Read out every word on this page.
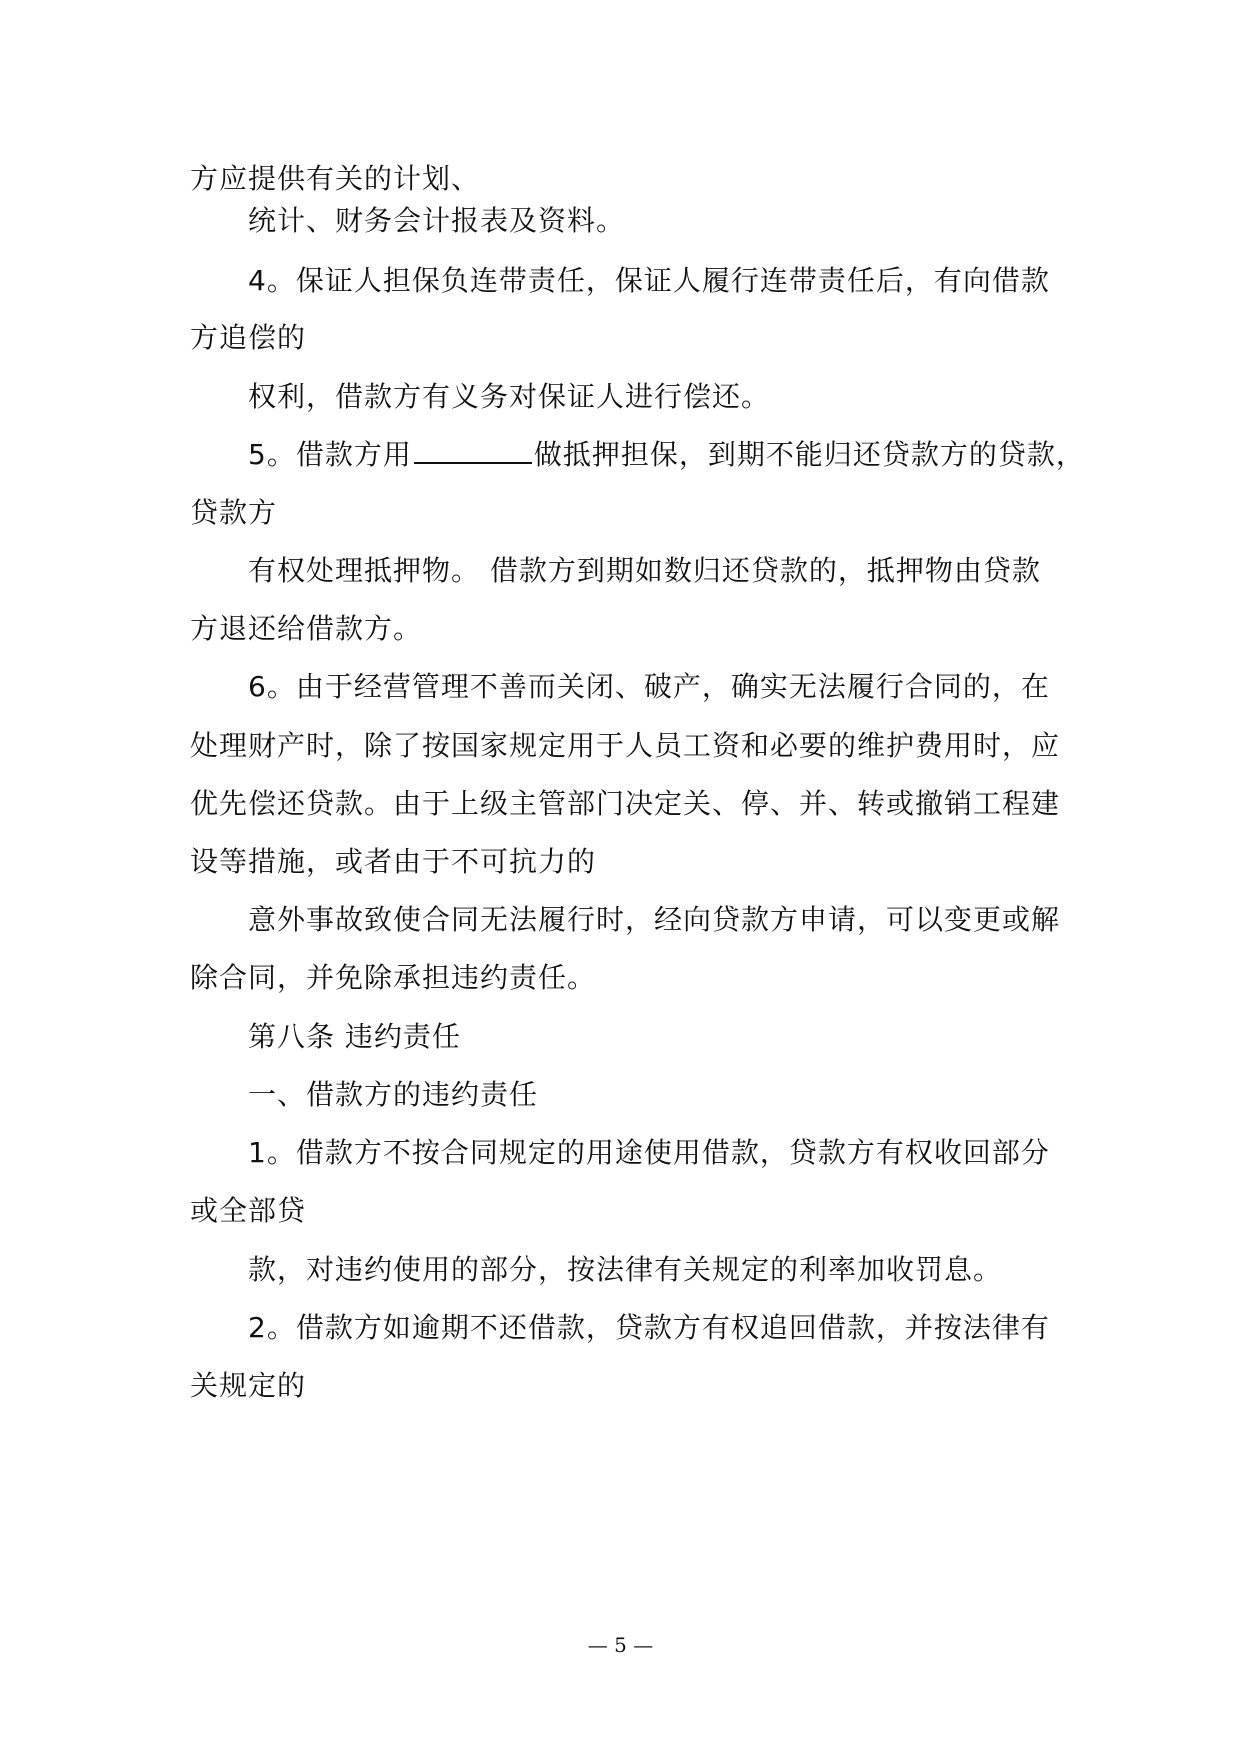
方应提供有关的计划、
统计、财务会计报表及资料。
4。保证人担保负连带责任，保证人履行连带责任后，有向借款
方追偿的
权利，借款方有义务对保证人进行偿还。
5。借款方用	做抵押担保，到期不能归还贷款方的贷款，
贷款方
有权处理抵押物。 借款方到期如数归还贷款的，抵押物由贷款
方退还给借款方。
6。由于经营管理不善而关闭、破产，确实无法履行合同的，在
处理财产时，除了按国家规定用于人员工资和必要的维护费用时，应
优先偿还贷款。由于上级主管部门决定关、停、并、转或撤销工程建
设等措施，或者由于不可抗力的
意外事故致使合同无法履行时，经向贷款方申请，可以变更或解
除合同，并免除承担违约责任。
第八条 违约责任
一、借款方的违约责任
1。借款方不按合同规定的用途使用借款，贷款方有权收回部分
或全部贷
款，对违约使用的部分，按法律有关规定的利率加收罚息。
2。借款方如逾期不还借款，贷款方有权追回借款，并按法律有
关规定的
— 5 —
